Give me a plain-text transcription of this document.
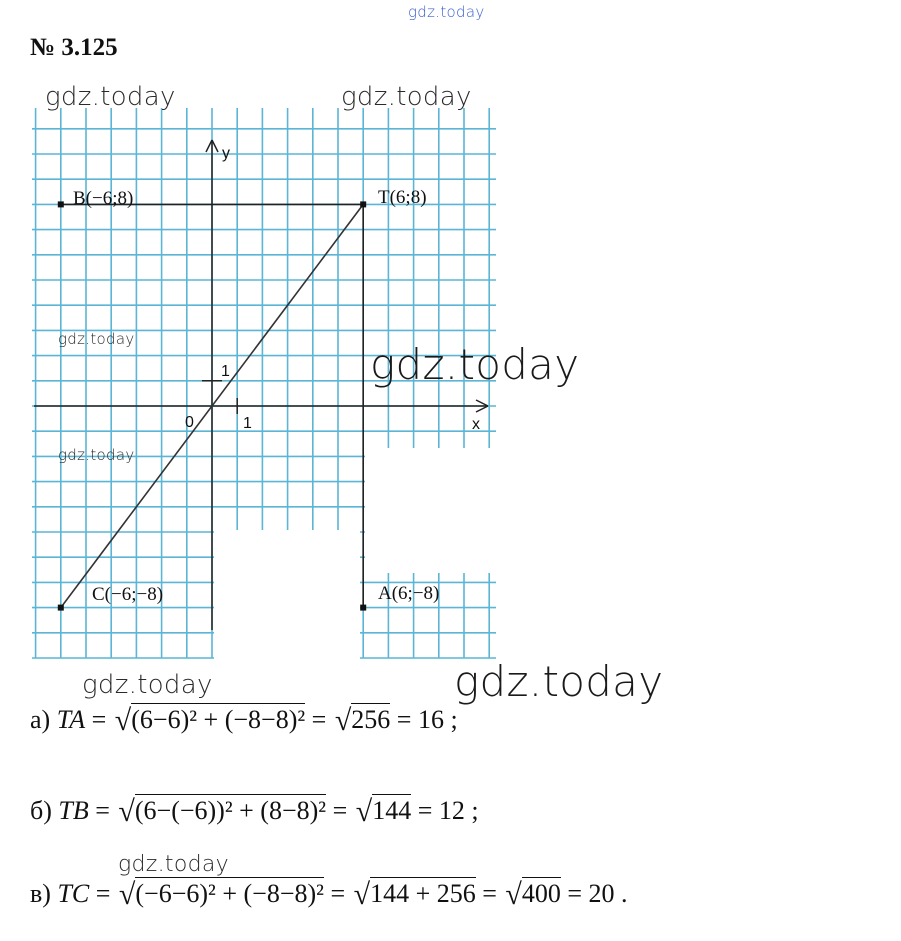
gdz.today
№ 3.125
y
x
0	1
1
B(−6;8)	T(6;8)
C(−6;−8)	A(6;−8)
gdz.today	gdz.today
gdz.today
gdz.today
gdz.today
gdz.today	gdz.today
gdz.today
а) TA = √ (6−6)² + (−8−8)² = √ 256 = 16 ;
б) TB = √ (6−(−6))² + (8−8)² = √ 144 = 12 ;
в) TC = √ (−6−6)² + (−8−8)² = √ 144 + 256 = √ 400 = 20 .
